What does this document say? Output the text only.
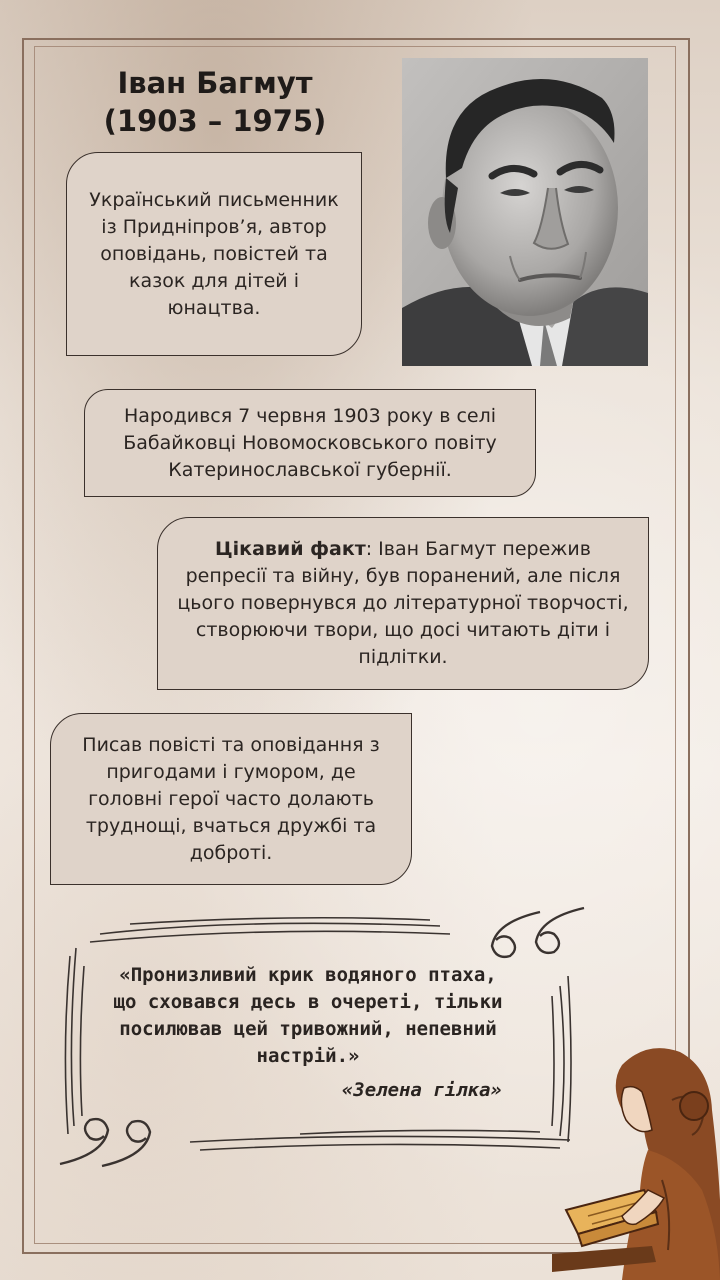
Іван Багмут
(1903 – 1975)
Український письменник із Придніпров’я, автор оповідань, повістей та казок для дітей і юнацтва.
Народився 7 червня 1903 року в селі Бабайковці Новомосковського повіту Катеринославської губернії.
Цікавий факт: Іван Багмут пережив репресії та війну, був поранений, але після цього повернувся до літературної творчості, створюючи твори, що досі читають діти і підлітки.
Писав повісті та оповідання з пригодами і гумором, де головні герої часто долають труднощі, вчаться дружбі та доброті.
«Пронизливий крик водяного птаха, що сховався десь в очереті, тільки посилював цей тривожний, непевний настрій.»
«Зелена гілка»
